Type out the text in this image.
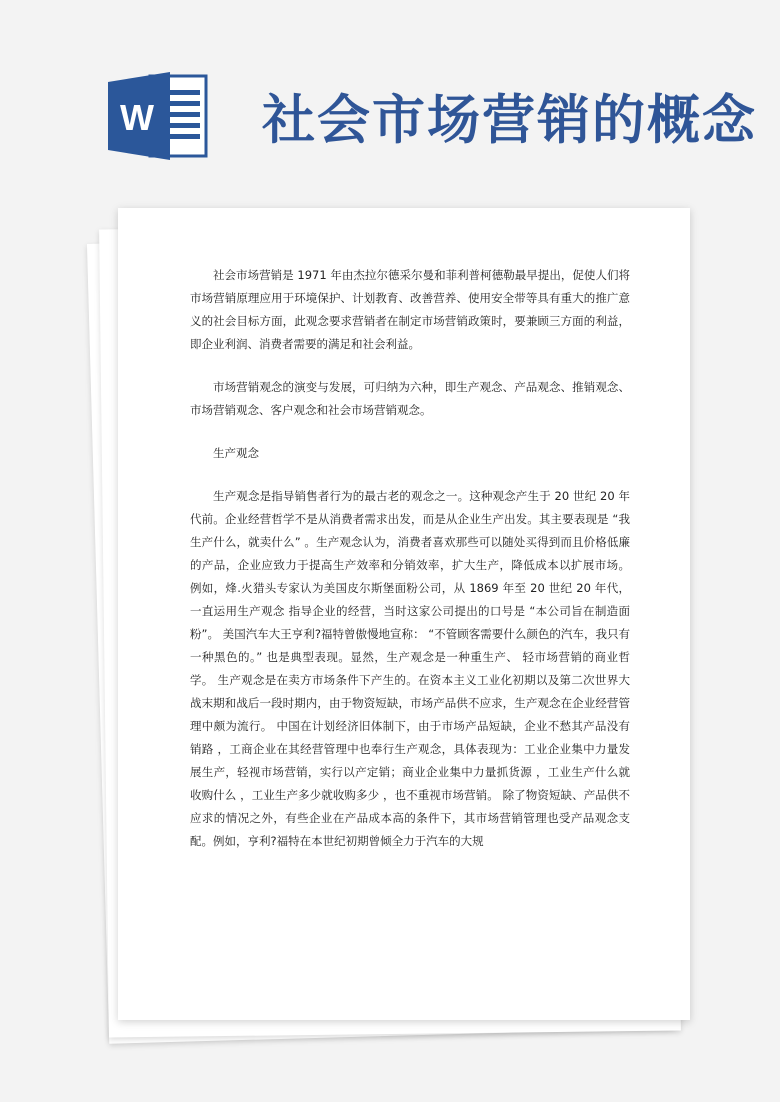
W 社会市场营销的概念

社会市场营销是 1971 年由杰拉尔德采尔曼和菲利普柯德勒最早提出，促使人们将市场营销原理应用于环境保护、计划教育、改善营养、使用安全带等具有重大的推广意义的社会目标方面，此观念要求营销者在制定市场营销政策时，要兼顾三方面的利益，即企业利润、消费者需要的满足和社会利益。

市场营销观念的演变与发展，可归纳为六种，即生产观念、产品观念、推销观念、市场营销观念、客户观念和社会市场营销观念。

生产观念

生产观念是指导销售者行为的最古老的观念之一。这种观念产生于 20 世纪 20 年代前。企业经营哲学不是从消费者需求出发，而是从企业生产出发。其主要表现是 “我生产什么，就卖什么” 。生产观念认为，消费者喜欢那些可以随处买得到而且价格低廉的产品，企业应致力于提高生产效率和分销效率，扩大生产，降低成本以扩展市场。 例如，烽.火猎头专家认为美国皮尔斯堡面粉公司，从 1869 年至 20 世纪 20 年代，一直运用生产观念 指导企业的经营，当时这家公司提出的口号是 “本公司旨在制造面粉”。 美国汽车大王亨利?福特曾傲慢地宣称： “不管顾客需要什么颜色的汽车，我只有一种黑色的。” 也是典型表现。显然，生产观念是一种重生产、 轻市场营销的商业哲学。 生产观念是在卖方市场条件下产生的。在资本主义工业化初期以及第二次世界大战末期和战后一段时期内，由于物资短缺，市场产品供不应求，生产观念在企业经营管理中颇为流行。 中国在计划经济旧体制下，由于市场产品短缺，企业不愁其产品没有销路 ，工商企业在其经营管理中也奉行生产观念，具体表现为：工业企业集中力量发展生产，轻视市场营销，实行以产定销；商业企业集中力量抓货源 ，工业生产什么就收购什么 ，工业生产多少就收购多少 ，也不重视市场营销。 除了物资短缺、产品供不应求的情况之外，有些企业在产品成本高的条件下，其市场营销管理也受产品观念支配。例如，亨利?福特在本世纪初期曾倾全力于汽车的大规
